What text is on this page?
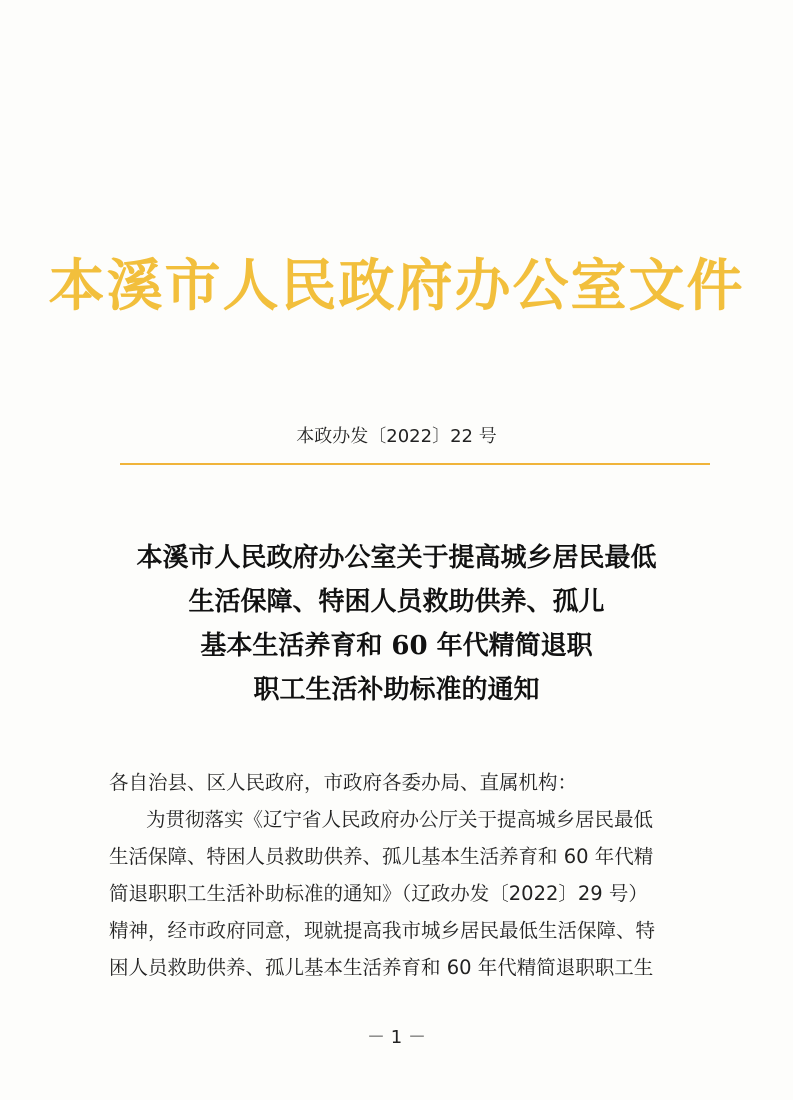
本溪市人民政府办公室文件
本政办发〔2022〕22 号
本溪市人民政府办公室关于提高城乡居民最低
生活保障、特困人员救助供养、孤儿
基本生活养育和 60 年代精简退职
职工生活补助标准的通知
各自治县、区人民政府，市政府各委办局、直属机构：
为贯彻落实《辽宁省人民政府办公厅关于提高城乡居民最低
生活保障、特困人员救助供养、孤儿基本生活养育和 60 年代精
简退职职工生活补助标准的通知》（辽政办发〔2022〕29 号）
精神，经市政府同意，现就提高我市城乡居民最低生活保障、特
困人员救助供养、孤儿基本生活养育和 60 年代精简退职职工生
－ 1 －
